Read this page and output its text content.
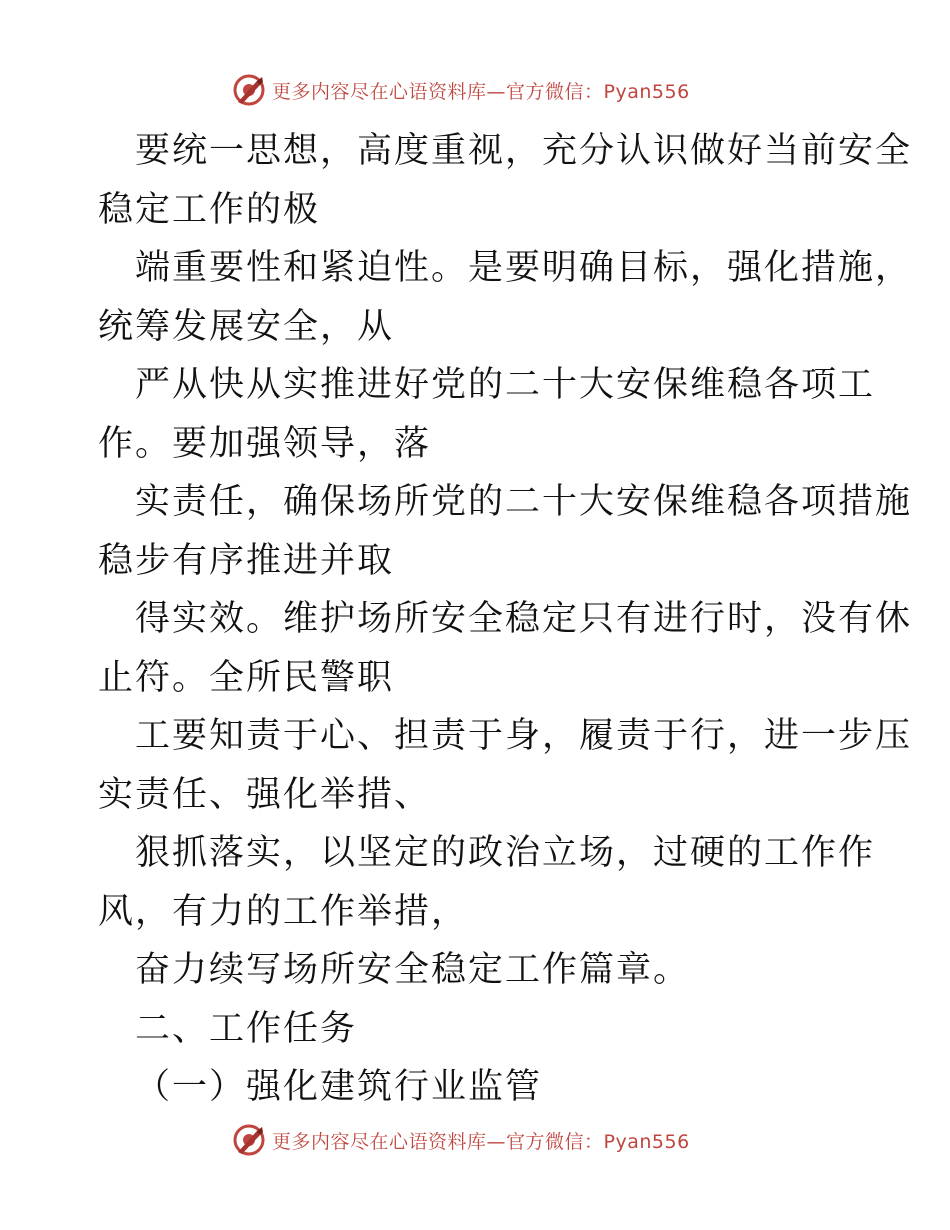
更多内容尽在心语资料库—官方微信：Pyan556
要统一思想，高度重视，充分认识做好当前安全
稳定工作的极
端重要性和紧迫性。是要明确目标，强化措施，
统筹发展安全，从
严从快从实推进好党的二十大安保维稳各项工
作。要加强领导，落
实责任，确保场所党的二十大安保维稳各项措施
稳步有序推进并取
得实效。维护场所安全稳定只有进行时，没有休
止符。全所民警职
工要知责于心、担责于身，履责于行，进一步压
实责任、强化举措、
狠抓落实，以坚定的政治立场，过硬的工作作
风，有力的工作举措，
奋力续写场所安全稳定工作篇章。
二、工作任务
（一）强化建筑行业监管
更多内容尽在心语资料库—官方微信：Pyan556
